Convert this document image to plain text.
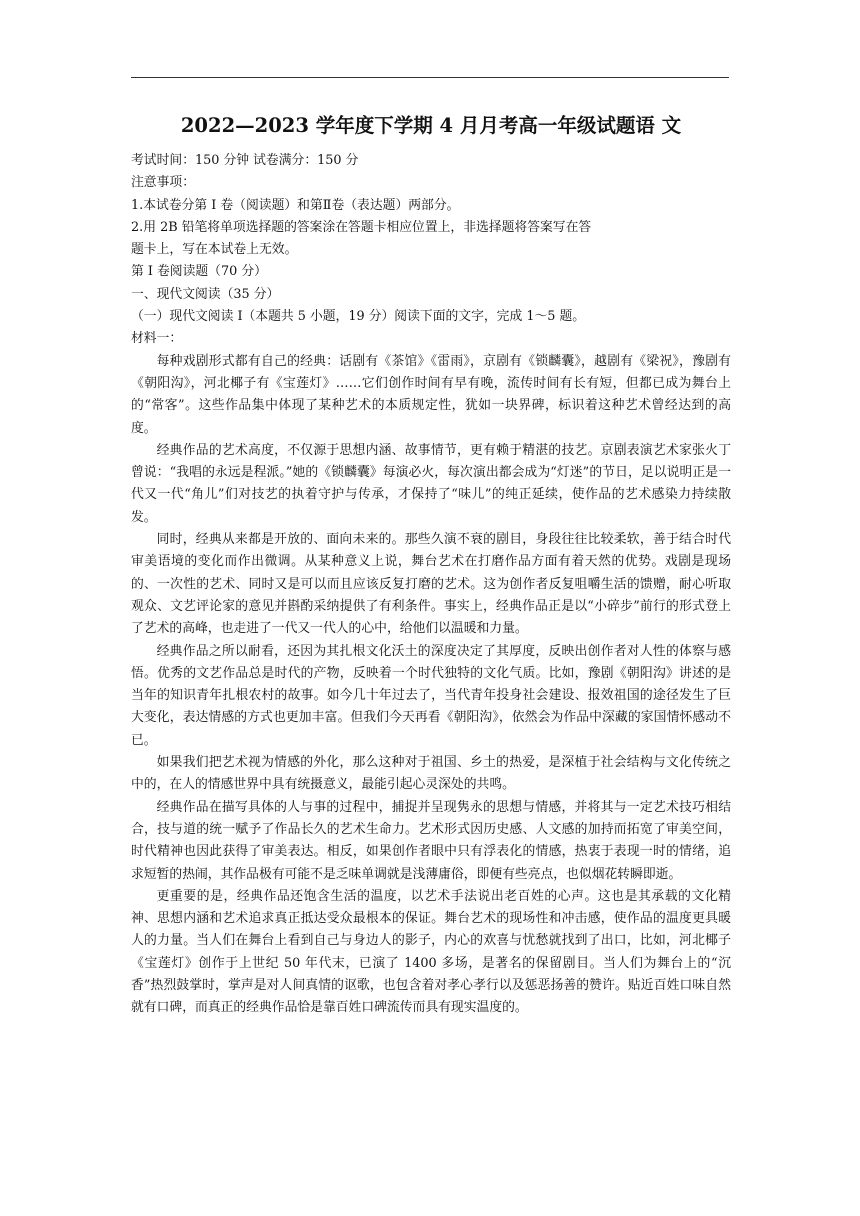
2022—2023 学年度下学期 4 月月考高一年级试题语 文
考试时间：150 分钟 试卷满分：150 分
注意事项：
1.本试卷分第 I 卷（阅读题）和第Ⅱ卷（表达题）两部分。
2.用 2B 铅笔将单项选择题的答案涂在答题卡相应位置上，非选择题将答案写在答
题卡上，写在本试卷上无效。
第 I 卷阅读题（70 分）
一、现代文阅读（35 分）
（一）现代文阅读 I（本题共 5 小题，19 分）阅读下面的文字，完成 1～5 题。
材料一：

每种戏剧形式都有自己的经典：话剧有《茶馆》《雷雨》，京剧有《锁麟囊》，越剧有《梁祝》，豫剧有《朝阳沟》，河北椰子有《宝莲灯》……它们创作时间有早有晚，流传时间有长有短，但都已成为舞台上的“常客”。这些作品集中体现了某种艺术的本质规定性，犹如一块界碑，标识着这种艺术曾经达到的高度。

经典作品的艺术高度，不仅源于思想内涵、故事情节，更有赖于精湛的技艺。京剧表演艺术家张火丁曾说：“我唱的永远是程派。”她的《锁麟囊》每演必火，每次演出都会成为“灯迷”的节日，足以说明正是一代又一代“角儿”们对技艺的执着守护与传承，才保持了“味儿”的纯正延续，使作品的艺术感染力持续散发。

同时，经典从来都是开放的、面向未来的。那些久演不衰的剧目，身段往往比较柔软，善于结合时代审美语境的变化而作出微调。从某种意义上说，舞台艺术在打磨作品方面有着天然的优势。戏剧是现场的、一次性的艺术、同时又是可以而且应该反复打磨的艺术。这为创作者反复咀嚼生活的馈赠，耐心听取观众、文艺评论家的意见并斟酌采纳提供了有利条件。事实上，经典作品正是以“小碎步”前行的形式登上了艺术的高峰，也走进了一代又一代人的心中，给他们以温暖和力量。

经典作品之所以耐看，还因为其扎根文化沃土的深度决定了其厚度，反映出创作者对人性的体察与感悟。优秀的文艺作品总是时代的产物，反映着一个时代独特的文化气质。比如，豫剧《朝阳沟》讲述的是当年的知识青年扎根农村的故事。如今几十年过去了，当代青年投身社会建设、报效祖国的途径发生了巨大变化，表达情感的方式也更加丰富。但我们今天再看《朝阳沟》，依然会为作品中深藏的家国情怀感动不已。

如果我们把艺术视为情感的外化，那么这种对于祖国、乡土的热爱，是深植于社会结构与文化传统之中的，在人的情感世界中具有统摄意义，最能引起心灵深处的共鸣。

经典作品在描写具体的人与事的过程中，捕捉并呈现隽永的思想与情感，并将其与一定艺术技巧相结合，技与道的统一赋予了作品长久的艺术生命力。艺术形式因历史感、人文感的加持而拓宽了审美空间，时代精神也因此获得了审美表达。相反，如果创作者眼中只有浮表化的情感，热衷于表现一时的情绪，追求短暂的热闹，其作品极有可能不是乏味单调就是浅薄庸俗，即便有些亮点，也似烟花转瞬即逝。

更重要的是，经典作品还饱含生活的温度，以艺术手法说出老百姓的心声。这也是其承载的文化精神、思想内涵和艺术追求真正抵达受众最根本的保证。舞台艺术的现场性和冲击感，使作品的温度更具暖人的力量。当人们在舞台上看到自己与身边人的影子，内心的欢喜与忧愁就找到了出口，比如，河北椰子《宝莲灯》创作于上世纪 50 年代末，已演了 1400 多场，是著名的保留剧目。当人们为舞台上的“沉香”热烈鼓掌时，掌声是对人间真情的讴歌，也包含着对孝心孝行以及惩恶扬善的赞许。贴近百姓口味自然就有口碑，而真正的经典作品恰是靠百姓口碑流传而具有现实温度的。
